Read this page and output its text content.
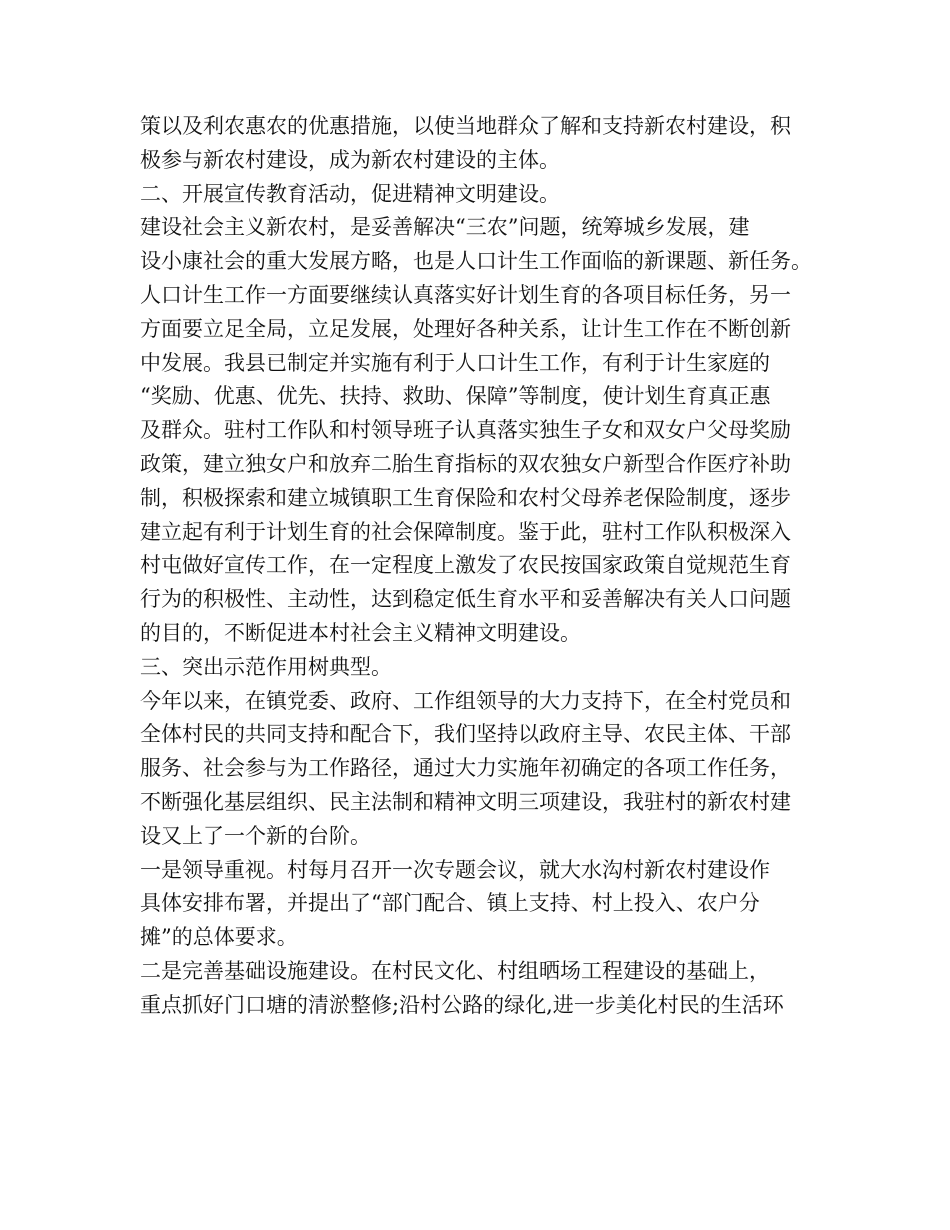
策以及利农惠农的优惠措施，以使当地群众了解和支持新农村建设，积
极参与新农村建设，成为新农村建设的主体。
二、开展宣传教育活动，促进精神文明建设。
建设社会主义新农村，是妥善解决“三农”问题，统筹城乡发展，建
设小康社会的重大发展方略，也是人口计生工作面临的新课题、新任务。
人口计生工作一方面要继续认真落实好计划生育的各项目标任务，另一
方面要立足全局，立足发展，处理好各种关系，让计生工作在不断创新
中发展。我县已制定并实施有利于人口计生工作，有利于计生家庭的
“奖励、优惠、优先、扶持、救助、保障”等制度，使计划生育真正惠
及群众。驻村工作队和村领导班子认真落实独生子女和双女户父母奖励
政策，建立独女户和放弃二胎生育指标的双农独女户新型合作医疗补助
制，积极探索和建立城镇职工生育保险和农村父母养老保险制度，逐步
建立起有利于计划生育的社会保障制度。鉴于此，驻村工作队积极深入
村屯做好宣传工作，在一定程度上激发了农民按国家政策自觉规范生育
行为的积极性、主动性，达到稳定低生育水平和妥善解决有关人口问题
的目的，不断促进本村社会主义精神文明建设。
三、突出示范作用树典型。
今年以来，在镇党委、政府、工作组领导的大力支持下，在全村党员和
全体村民的共同支持和配合下，我们坚持以政府主导、农民主体、干部
服务、社会参与为工作路径，通过大力实施年初确定的各项工作任务，
不断强化基层组织、民主法制和精神文明三项建设，我驻村的新农村建
设又上了一个新的台阶。
一是领导重视。村每月召开一次专题会议，就大水沟村新农村建设作
具体安排布署，并提出了“部门配合、镇上支持、村上投入、农户分
摊”的总体要求。
二是完善基础设施建设。在村民文化、村组晒场工程建设的基础上，
重点抓好门口塘的清淤整修;沿村公路的绿化,进一步美化村民的生活环
